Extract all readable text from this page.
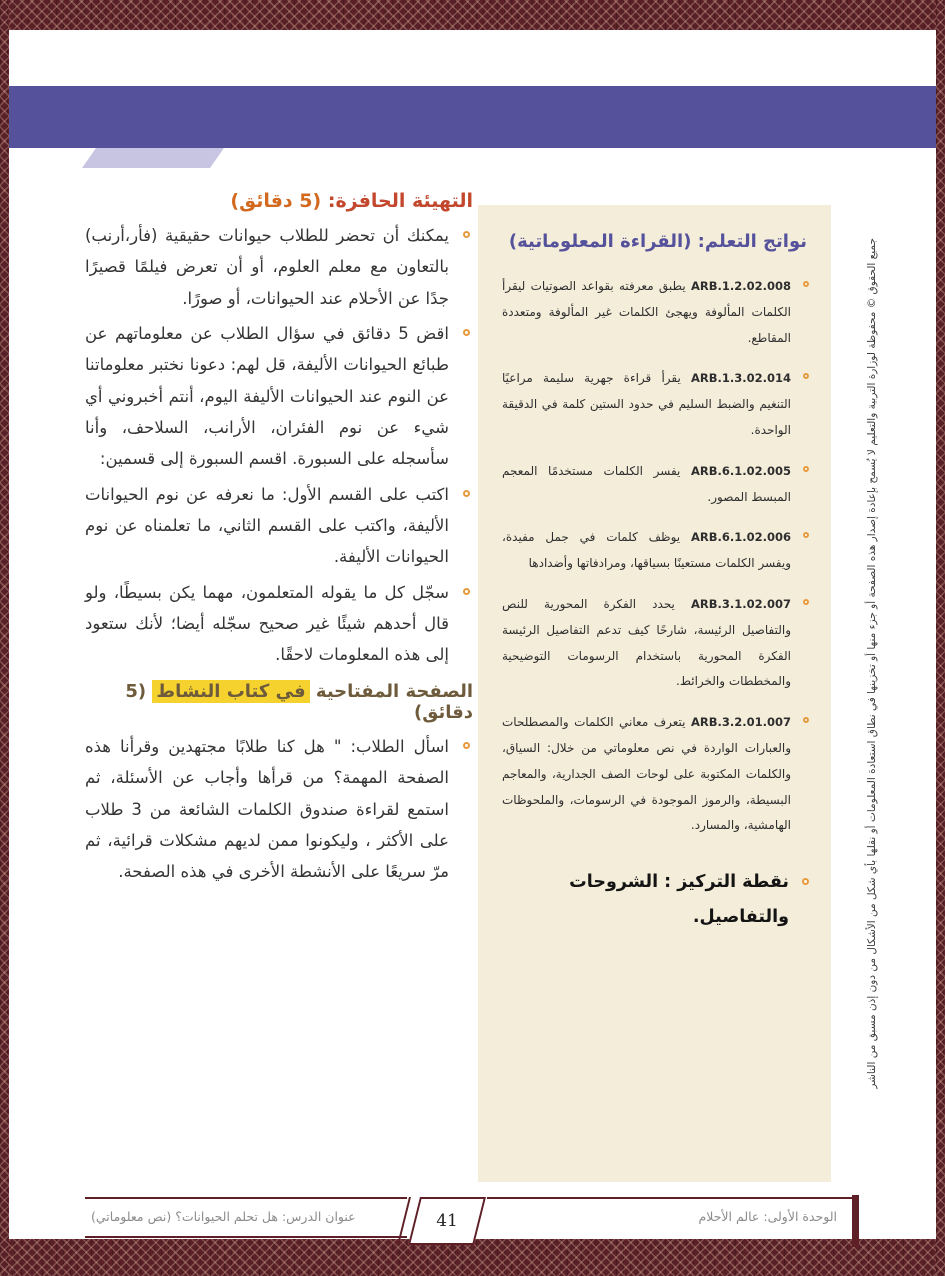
التهيئة الحافزة: (5 دقائق)
يمكنك أن تحضر للطلاب حيوانات حقيقية (فأر،أرنب) بالتعاون مع معلم العلوم، أو أن تعرض فيلمًا قصيرًا جدًا عن الأحلام عند الحيوانات، أو صورًا.
اقض 5 دقائق في سؤال الطلاب عن معلوماتهم عن طبائع الحيوانات الأليفة، قل لهم: دعونا نختبر معلوماتنا عن النوم عند الحيوانات الأليفة اليوم، أنتم أخبروني أي شيء عن نوم الفئران، الأرانب، السلاحف، وأنا سأسجله على السبورة. اقسم السبورة إلى قسمين:
اكتب على القسم الأول: ما نعرفه عن نوم الحيوانات الأليفة، واكتب على القسم الثاني، ما تعلمناه عن نوم الحيوانات الأليفة.
سجّل كل ما يقوله المتعلمون، مهما يكن بسيطًا، ولو قال أحدهم شيئًا غير صحيح سجّله أيضا؛ لأنك ستعود إلى هذه المعلومات لاحقًا.
الصفحة المفتاحية في كتاب النشاط (5 دقائق)
اسأل الطلاب: " هل كنا طلابًا مجتهدين وقرأنا هذه الصفحة المهمة؟ من قرأها وأجاب عن الأسئلة، ثم استمع لقراءة صندوق الكلمات الشائعة من 3 طلاب على الأكثر ، وليكونوا ممن لديهم مشكلات قرائية، ثم مرّ سريعًا على الأنشطة الأخرى في هذه الصفحة.
نواتج التعلم: (القراءة المعلوماتية)
ARB.1.2.02.008 يطبق معرفته بقواعد الصوتيات ليقرأ الكلمات المألوفة ويهجئ الكلمات غير المألوفة ومتعددة المقاطع.
ARB.1.3.02.014 يقرأ قراءة جهرية سليمة مراعيًا التنغيم والضبط السليم في حدود الستين كلمة في الدقيقة الواحدة.
ARB.6.1.02.005 يفسر الكلمات مستخدمًا المعجم المبسط المصور.
ARB.6.1.02.006 يوظف كلمات في جمل مفيدة، ويفسر الكلمات مستعينًا بسياقها، ومرادفاتها وأضدادها
ARB.3.1.02.007 يحدد الفكرة المحورية للنص والتفاصيل الرئيسة، شارحًا كيف تدعم التفاصيل الرئيسة الفكرة المحورية باستخدام الرسومات التوضيحية والمخططات والخرائط.
ARB.3.2.01.007 يتعرف معاني الكلمات والمصطلحات والعبارات الواردة في نص معلوماتي من خلال: السياق، والكلمات المكتوبة على لوحات الصف الجدارية، والمعاجم البسيطة، والرموز الموجودة في الرسومات، والملحوظات الهامشية، والمسارد.
نقطة التركيز : الشروحات والتفاصيل.	جميع الحقوق © محفوظة لوزارة التربية والتعليم لا يُسمح بإعادة إصدار هذه الصفحة أو جزء منها أو تخزينها في نطاق استعادة المعلومات أو نقلها بأي شكل من الأشكال من دون إذن مسبق من الناشر
عنوان الدرس: هل تحلم الحيوانات؟ (نص معلوماتي)	الوحدة الأولى: عالم الأحلام
41
